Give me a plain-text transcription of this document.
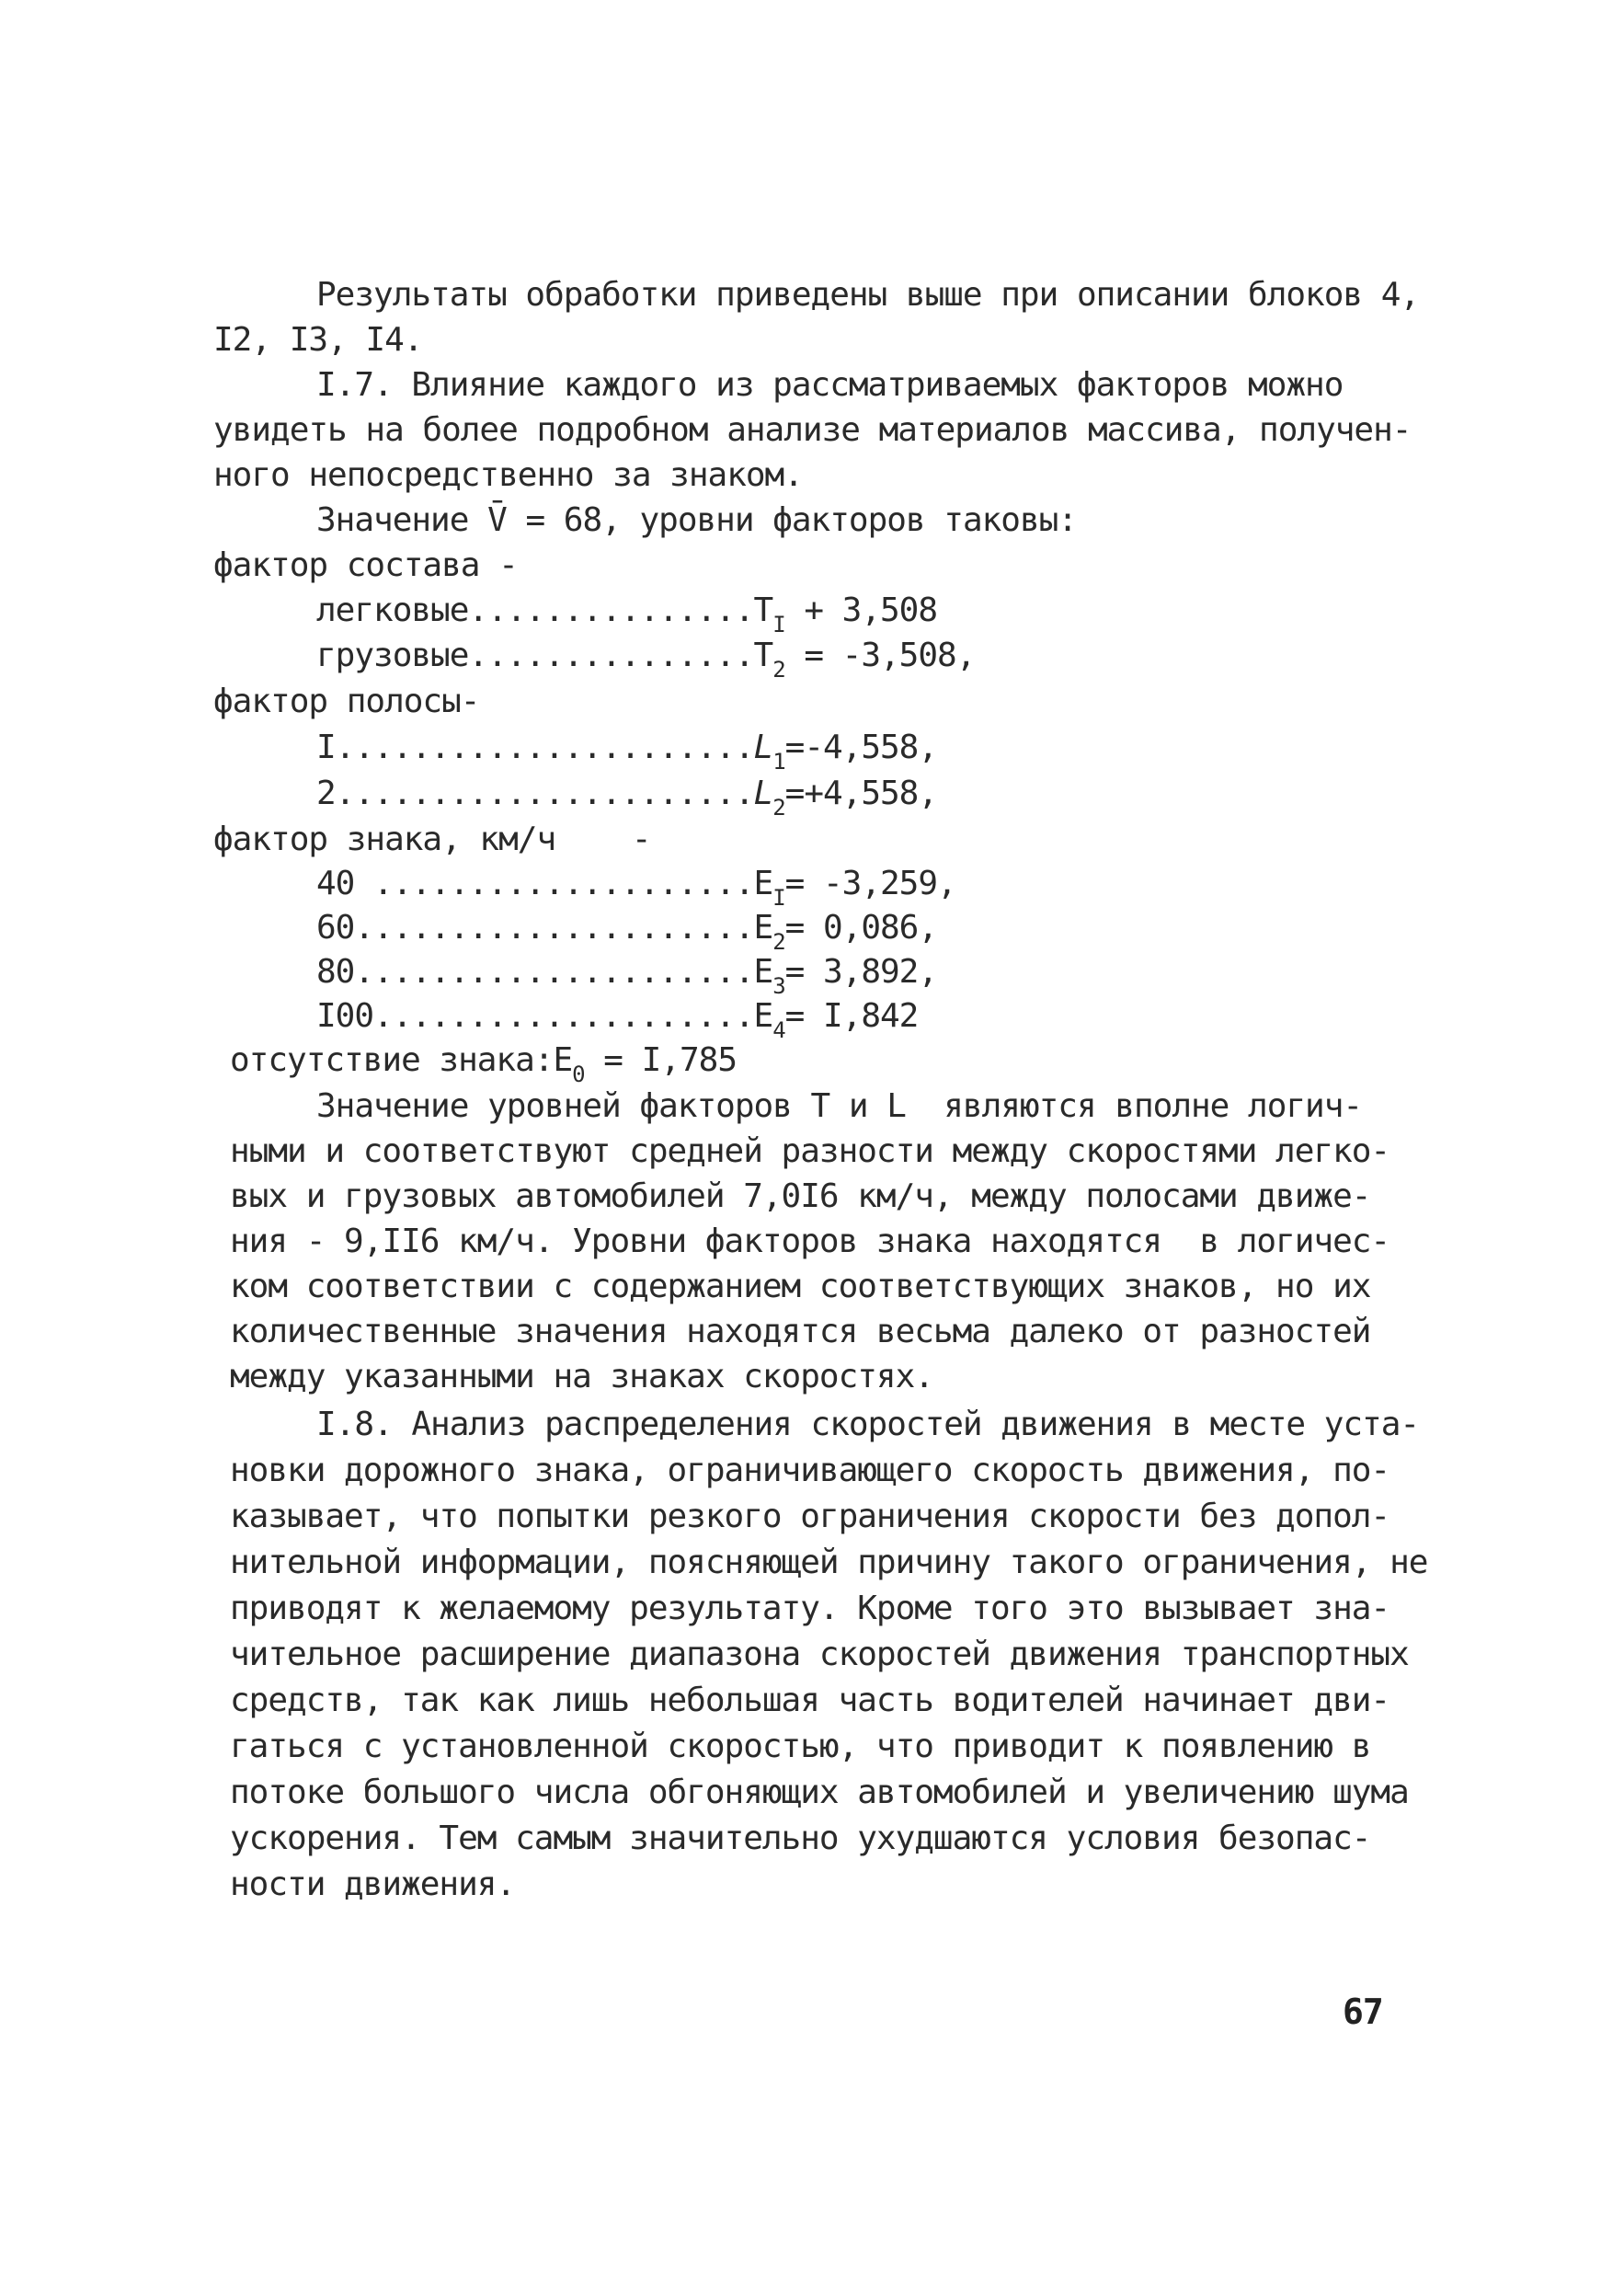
Результаты обработки приведены выше при описании блоков 4,
I2, I3, I4.
I.7. Влияние каждого из рассматриваемых факторов можно
увидеть на более подробном анализе материалов массива, получен-
ного непосредственно за знаком.
Значение V̄ = 68, уровни факторов таковы:
фактор состава -
$легковые...............T_I + 3,508$
$грузовые...............T_2 = -3,508$,
фактор полосы-
$I......................L_1=-4,558$,
$2......................L_2=+4,558$,
фактор знака, км/ч    -
40 $....................E_I= -3,259$,
$60.....................E_2= 0,086$,
$80.....................E_3= 3,892$,
$I00....................E_4= I,842$
отсутствие $знака:E_0 = I,785$
Значение уровней факторов T и L  являются вполне логич-
ными и соответствуют средней разности между скоростями легко-
вых и грузовых автомобилей 7,0I6 км/ч, между полосами движе-
ния - 9,II6 км/ч. Уровни факторов знака находятся  в логичес-
ком соответствии с содержанием соответствующих знаков, но их
количественные значения находятся весьма далеко от разностей
между указанными на знаках скоростях.
I.8. Анализ распределения скоростей движения в месте уста-
новки дорожного знака, ограничивающего скорость движения, по-
казывает, что попытки резкого ограничения скорости без допол-
нительной информации, поясняющей причину такого ограничения, не
приводят к желаемому результату. Кроме того это вызывает зна-
чительное расширение диапазона скоростей движения транспортных
средств, так как лишь небольшая часть водителей начинает дви-
гаться с установленной скоростью, что приводит к появлению в
потоке большого числа обгоняющих автомобилей и увеличению шума
ускорения. Тем самым значительно ухудшаются условия безопас-
ности движения.
67
